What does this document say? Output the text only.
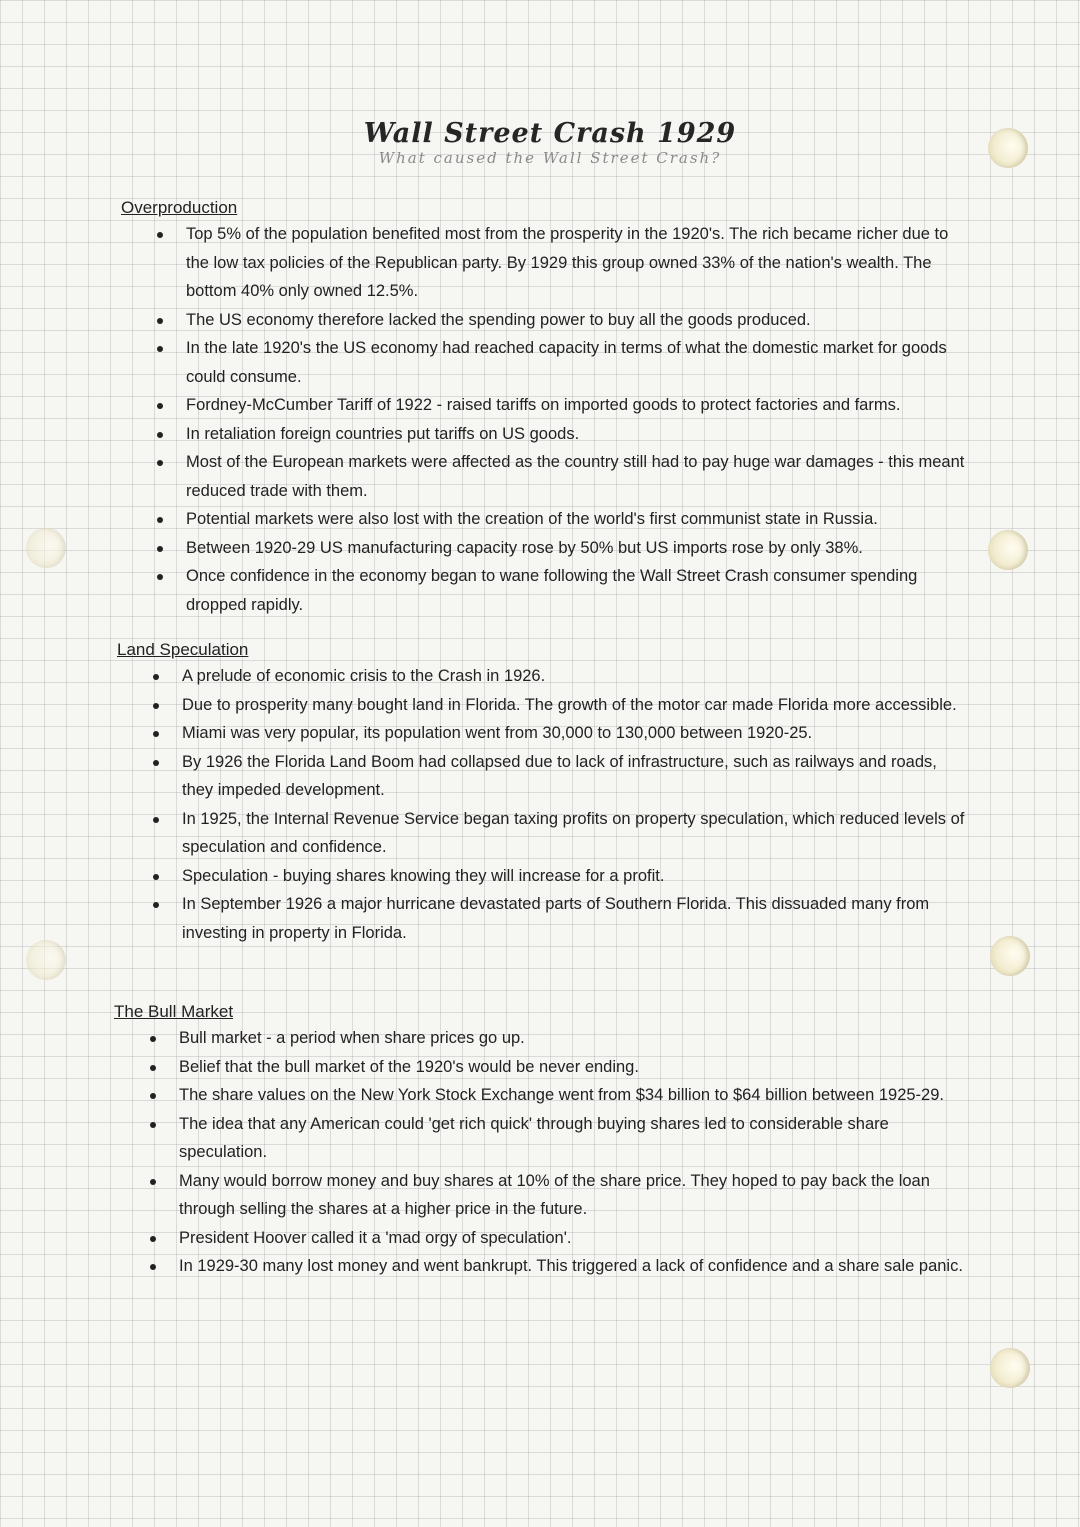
Wall Street Crash 1929
What caused the Wall Street Crash?
Overproduction
Top 5% of the population benefited most from the prosperity in the 1920's. The rich became richer due to the low tax policies of the Republican party. By 1929 this group owned 33% of the nation's wealth. The bottom 40% only owned 12.5%.
The US economy therefore lacked the spending power to buy all the goods produced.
In the late 1920's the US economy had reached capacity in terms of what the domestic market for goods could consume.
Fordney-McCumber Tariff of 1922 - raised tariffs on imported goods to protect factories and farms.
In retaliation foreign countries put tariffs on US goods.
Most of the European markets were affected as the country still had to pay huge war damages - this meant reduced trade with them.
Potential markets were also lost with the creation of the world's first communist state in Russia.
Between 1920-29 US manufacturing capacity rose by 50% but US imports rose by only 38%.
Once confidence in the economy began to wane following the Wall Street Crash consumer spending dropped rapidly.
Land Speculation
A prelude of economic crisis to the Crash in 1926.
Due to prosperity many bought land in Florida. The growth of the motor car made Florida more accessible.
Miami was very popular, its population went from 30,000 to 130,000 between 1920-25.
By 1926 the Florida Land Boom had collapsed due to lack of infrastructure, such as railways and roads, they impeded development.
In 1925, the Internal Revenue Service began taxing profits on property speculation, which reduced levels of speculation and confidence.
Speculation - buying shares knowing they will increase for a profit.
In September 1926 a major hurricane devastated parts of Southern Florida. This dissuaded many from investing in property in Florida.
The Bull Market
Bull market - a period when share prices go up.
Belief that the bull market of the 1920's would be never ending.
The share values on the New York Stock Exchange went from $34 billion to $64 billion between 1925-29.
The idea that any American could 'get rich quick' through buying shares led to considerable share speculation.
Many would borrow money and buy shares at 10% of the share price. They hoped to pay back the loan through selling the shares at a higher price in the future.
President Hoover called it a 'mad orgy of speculation'.
In 1929-30 many lost money and went bankrupt. This triggered a lack of confidence and a share sale panic.
